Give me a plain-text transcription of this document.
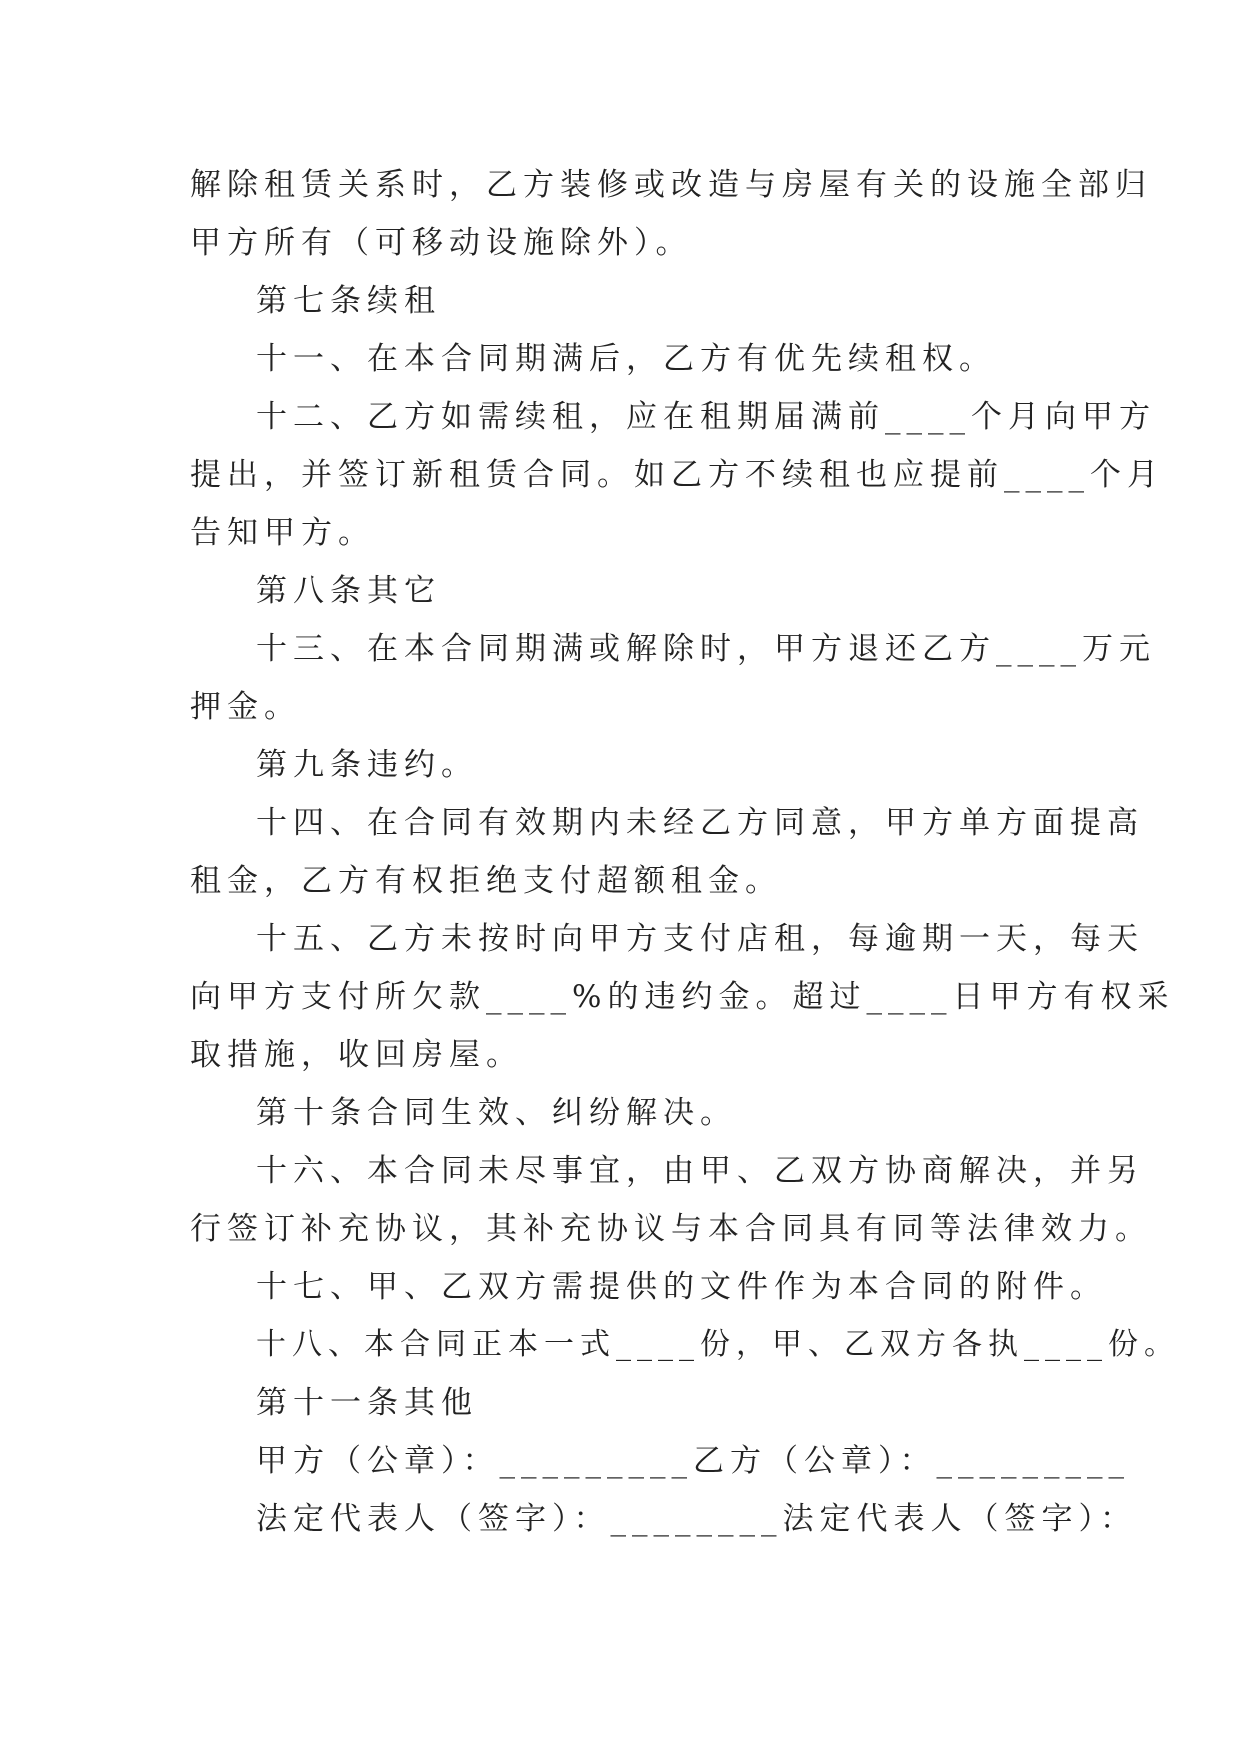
解除租赁关系时，乙方装修或改造与房屋有关的设施全部归
甲方所有（可移动设施除外）。
第七条续租
十一、在本合同期满后，乙方有优先续租权。
十二、乙方如需续租，应在租期届满前____个月向甲方
提出，并签订新租赁合同。如乙方不续租也应提前____个月
告知甲方。
第八条其它
十三、在本合同期满或解除时，甲方退还乙方____万元
押金。
第九条违约。
十四、在合同有效期内未经乙方同意，甲方单方面提高
租金，乙方有权拒绝支付超额租金。
十五、乙方未按时向甲方支付店租，每逾期一天，每天
向甲方支付所欠款____%的违约金。超过____日甲方有权采
取措施，收回房屋。
第十条合同生效、纠纷解决。
十六、本合同未尽事宜，由甲、乙双方协商解决，并另
行签订补充协议，其补充协议与本合同具有同等法律效力。
十七、甲、乙双方需提供的文件作为本合同的附件。
十八、本合同正本一式____份，甲、乙双方各执____份。
第十一条其他
甲方（公章）：_________乙方（公章）：_________
法定代表人（签字）：________法定代表人（签字）：
